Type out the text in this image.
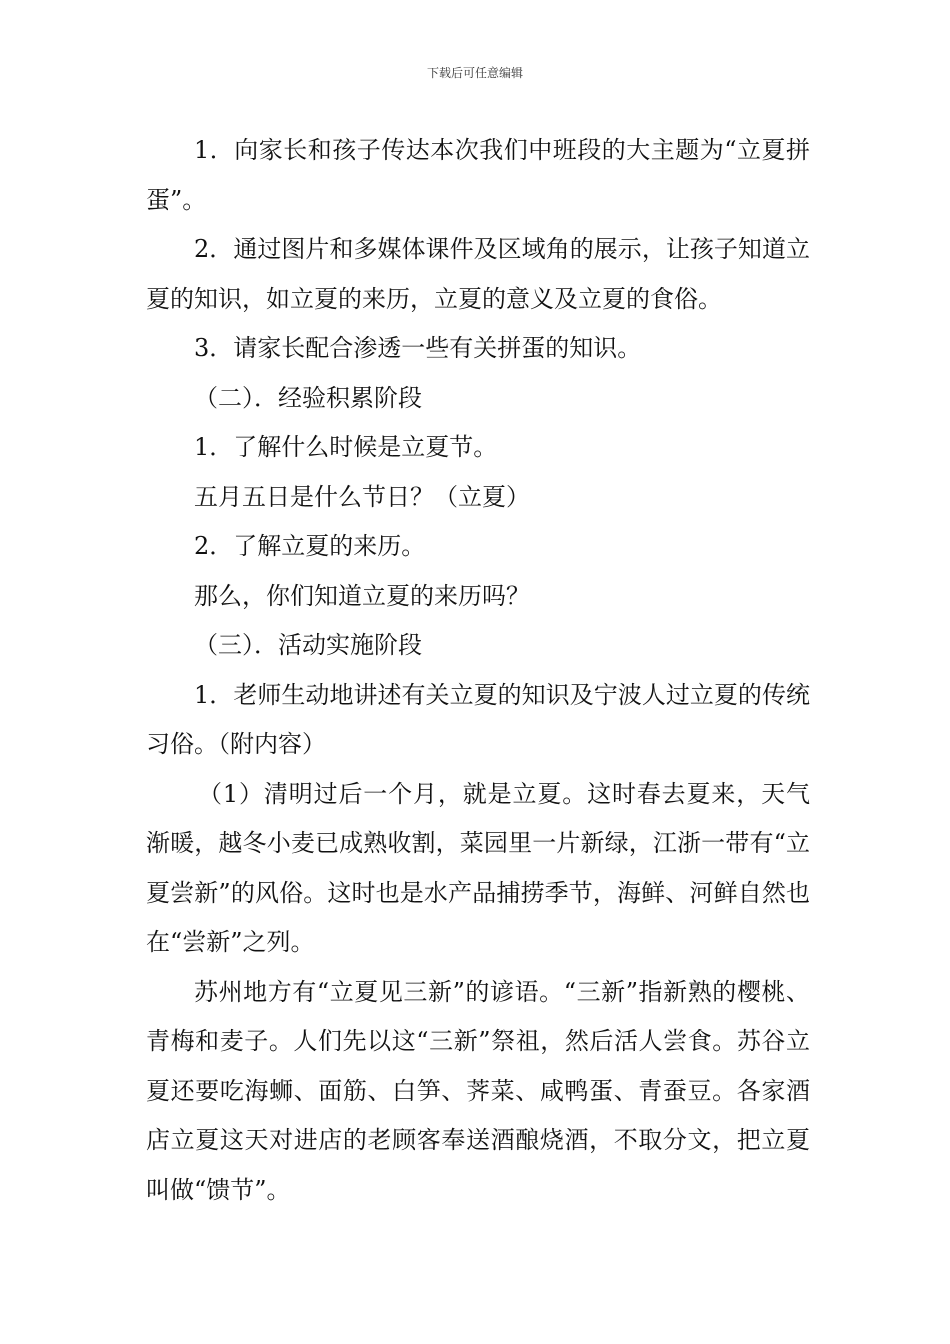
下载后可任意编辑

1．向家长和孩子传达本次我们中班段的大主题为“立夏拼蛋”。

2．通过图片和多媒体课件及区域角的展示，让孩子知道立夏的知识，如立夏的来历，立夏的意义及立夏的食俗。

3．请家长配合渗透一些有关拼蛋的知识。

（二）．经验积累阶段

1．了解什么时候是立夏节。

五月五日是什么节日？（立夏）

2．了解立夏的来历。

那么，你们知道立夏的来历吗？

（三）．活动实施阶段

1．老师生动地讲述有关立夏的知识及宁波人过立夏的传统习俗。（附内容）

（1）清明过后一个月，就是立夏。这时春去夏来，天气渐暖，越冬小麦已成熟收割，菜园里一片新绿，江浙一带有“立夏尝新”的风俗。这时也是水产品捕捞季节，海鲜、河鲜自然也在“尝新”之列。

苏州地方有“立夏见三新”的谚语。“三新”指新熟的樱桃、青梅和麦子。人们先以这“三新”祭祖，然后活人尝食。苏谷立夏还要吃海蛳、面筋、白笋、荠菜、咸鸭蛋、青蚕豆。各家酒店立夏这天对进店的老顾客奉送酒酿烧酒，不取分文，把立夏叫做“馈节”。
